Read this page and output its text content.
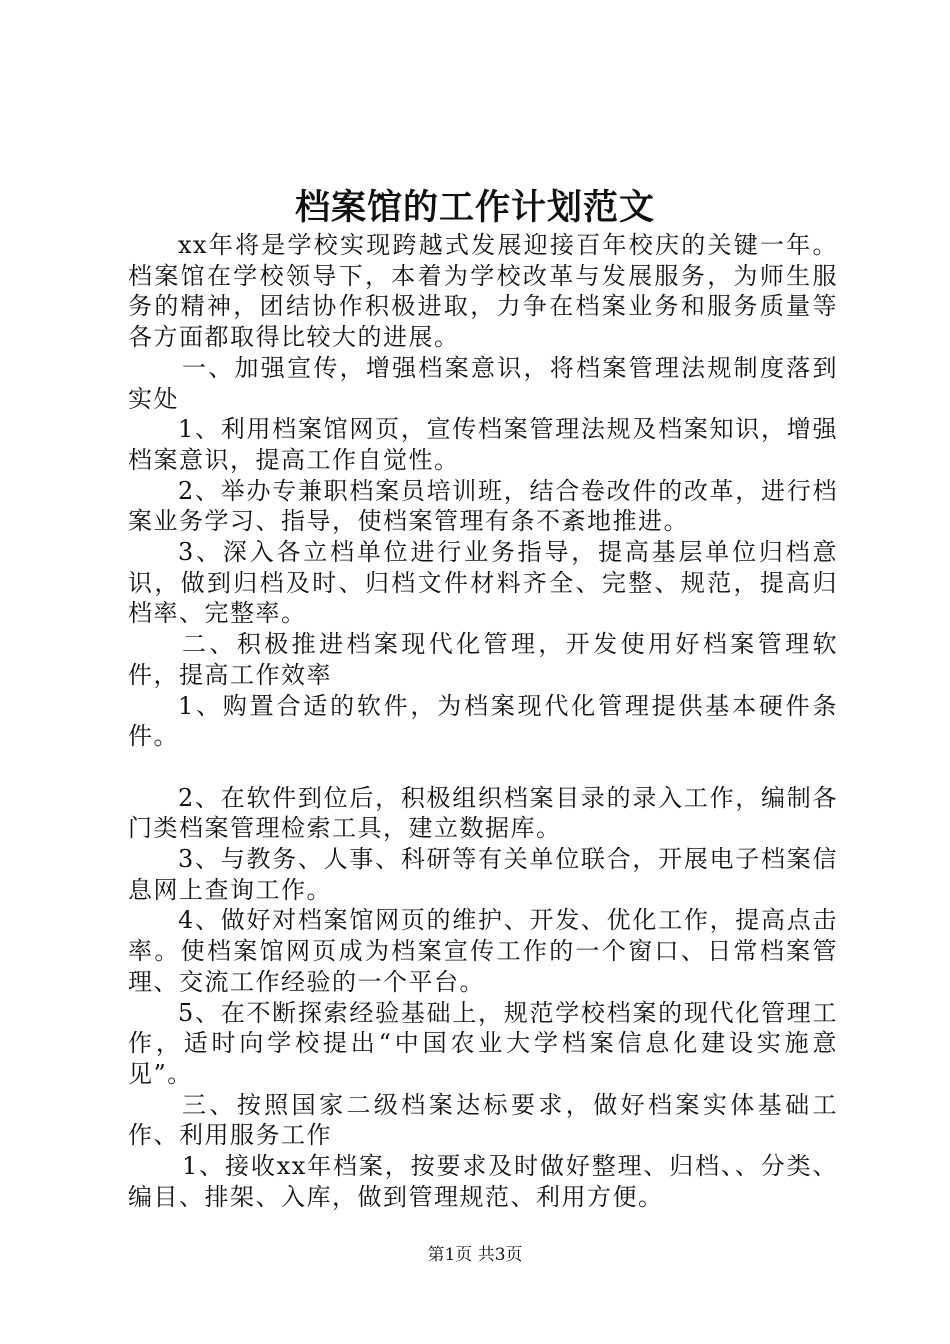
档案馆的工作计划范文

xx年将是学校实现跨越式发展迎接百年校庆的关键一年。档案馆在学校领导下，本着为学校改革与发展服务，为师生服务的精神，团结协作积极进取，力争在档案业务和服务质量等各方面都取得比较大的进展。

一、加强宣传，增强档案意识，将档案管理法规制度落到实处

1、利用档案馆网页，宣传档案管理法规及档案知识，增强档案意识，提高工作自觉性。

2、举办专兼职档案员培训班，结合卷改件的改革，进行档案业务学习、指导，使档案管理有条不紊地推进。

3、深入各立档单位进行业务指导，提高基层单位归档意识，做到归档及时、归档文件材料齐全、完整、规范，提高归档率、完整率。

二、积极推进档案现代化管理，开发使用好档案管理软件，提高工作效率

1、购置合适的软件，为档案现代化管理提供基本硬件条件。

2、在软件到位后，积极组织档案目录的录入工作，编制各门类档案管理检索工具，建立数据库。

3、与教务、人事、科研等有关单位联合，开展电子档案信息网上查询工作。

4、做好对档案馆网页的维护、开发、优化工作，提高点击率。使档案馆网页成为档案宣传工作的一个窗口、日常档案管理、交流工作经验的一个平台。

5、在不断探索经验基础上，规范学校档案的现代化管理工作，适时向学校提出“中国农业大学档案信息化建设实施意见”。

三、按照国家二级档案达标要求，做好档案实体基础工作、利用服务工作

1、接收xx年档案，按要求及时做好整理、归档、、分类、编目、排架、入库，做到管理规范、利用方便。

第1页 共3页
